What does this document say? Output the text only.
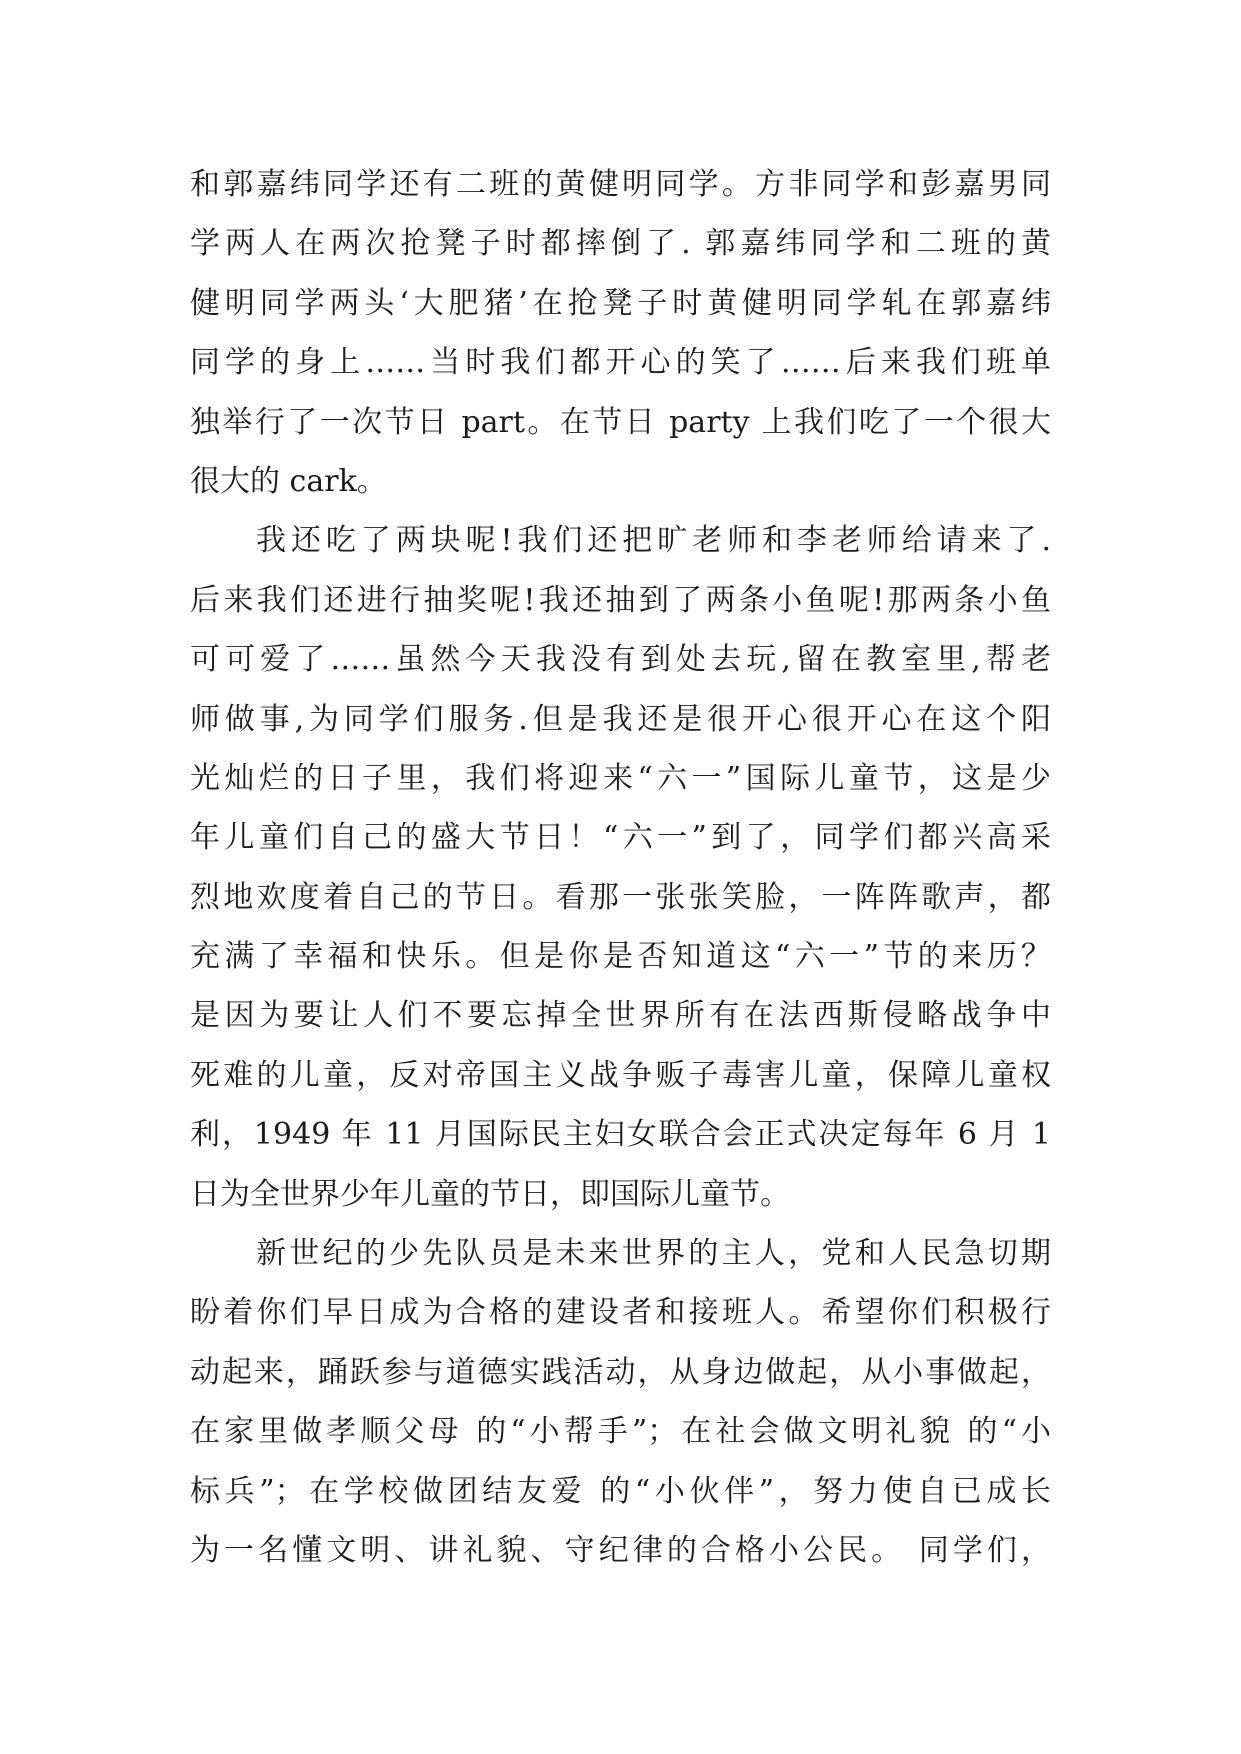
和郭嘉纬同学还有二班的黄健明同学。方非同学和彭嘉男同
学两人在两次抢凳子时都摔倒了. 郭嘉纬同学和二班的黄
健明同学两头‘大肥猪’在抢凳子时黄健明同学轧在郭嘉纬
同学的身上……当时我们都开心的笑了……后来我们班单
独举行了一次节日 part。在节日 party 上我们吃了一个很大
很大的 cark。
我还吃了两块呢!我们还把旷老师和李老师给请来了.
后来我们还进行抽奖呢!我还抽到了两条小鱼呢!那两条小鱼
可可爱了……虽然今天我没有到处去玩,留在教室里,帮老
师做事,为同学们服务.但是我还是很开心很开心在这个阳
光灿烂的日子里，我们将迎来“六一”国际儿童节，这是少
年儿童们自己的盛大节日！“六一”到了，同学们都兴高采
烈地欢度着自己的节日。看那一张张笑脸，一阵阵歌声，都
充满了幸福和快乐。但是你是否知道这“六一”节的来历？
是因为要让人们不要忘掉全世界所有在法西斯侵略战争中
死难的儿童，反对帝国主义战争贩子毒害儿童，保障儿童权
利，1949 年 11 月国际民主妇女联合会正式决定每年 6 月 1
日为全世界少年儿童的节日，即国际儿童节。
新世纪的少先队员是未来世界的主人，党和人民急切期
盼着你们早日成为合格的建设者和接班人。希望你们积极行
动起来，踊跃参与道德实践活动，从身边做起，从小事做起，
在家里做孝顺父母 的“小帮手”；在社会做文明礼貌 的“小
标兵”；在学校做团结友爱 的“小伙伴”，努力使自已成长
为一名懂文明、讲礼貌、守纪律的合格小公民。 同学们，
